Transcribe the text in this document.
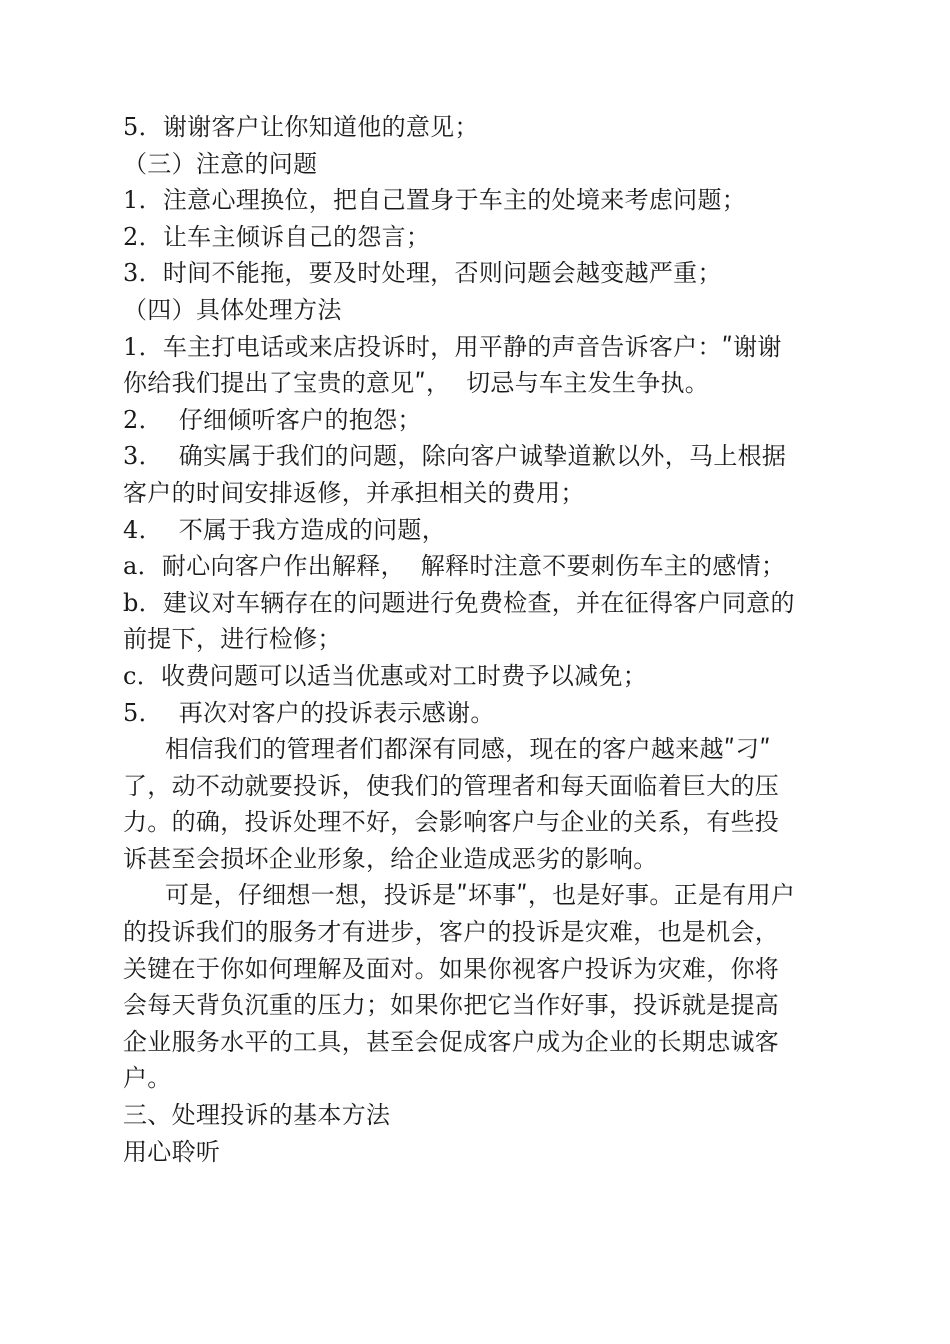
5．谢谢客户让你知道他的意见；
（三）注意的问题
1．注意心理换位，把自己置身于车主的处境来考虑问题；
2．让车主倾诉自己的怨言；
3．时间不能拖，要及时处理，否则问题会越变越严重；
（四）具体处理方法
1．车主打电话或来店投诉时，用平静的声音告诉客户：ʺ谢谢
你给我们提出了宝贵的意见ʺ，  切忌与车主发生争执。
2．  仔细倾听客户的抱怨；
3．  确实属于我们的问题，除向客户诚挚道歉以外，马上根据
客户的时间安排返修，并承担相关的费用；
4．  不属于我方造成的问题，
a．耐心向客户作出解释，  解释时注意不要刺伤车主的感情；
b．建议对车辆存在的问题进行免费检查，并在征得客户同意的
前提下，进行检修；
c．收费问题可以适当优惠或对工时费予以减免；
5．  再次对客户的投诉表示感谢。
相信我们的管理者们都深有同感，现在的客户越来越ʺ刁ʺ
了，动不动就要投诉，使我们的管理者和每天面临着巨大的压
力。的确，投诉处理不好，会影响客户与企业的关系，有些投
诉甚至会损坏企业形象，给企业造成恶劣的影响。
可是，仔细想一想，投诉是ʺ坏事ʺ，也是好事。正是有用户
的投诉我们的服务才有进步，客户的投诉是灾难，也是机会，
关键在于你如何理解及面对。如果你视客户投诉为灾难，你将
会每天背负沉重的压力；如果你把它当作好事，投诉就是提高
企业服务水平的工具，甚至会促成客户成为企业的长期忠诚客
户。
三、处理投诉的基本方法
用心聆听
